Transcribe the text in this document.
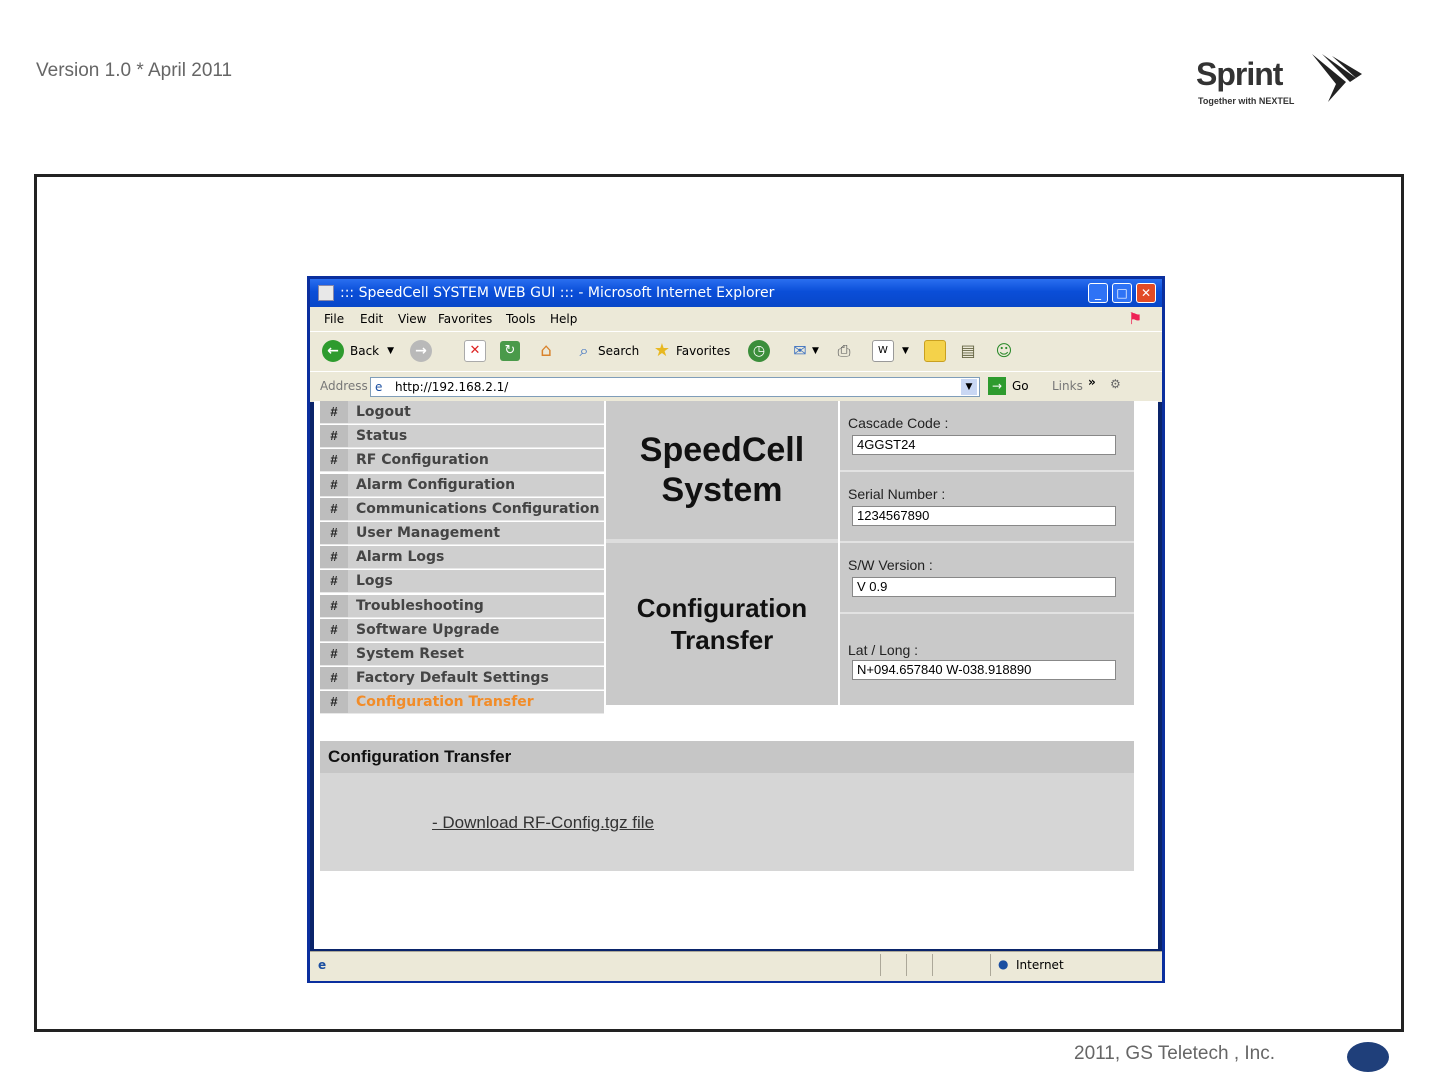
Version 1.0 * April 2011	Sprint
Together with NEXTEL
::: SpeedCell SYSTEM WEB GUI ::: - Microsoft Internet Explorer	_	□	✕
File Edit View Favorites Tools Help	⚑
← Back ▼	→	✕	↻ ⌂	⌕ Search ★ Favorites	◷	✉ ▼ ⎙	W	▼	▤ ☺
Address e http://192.168.2.1/	▼	→ Go Links » ⚙
#	Logout
#	Status
#	RF Configuration
#	Alarm Configuration
#	Communications Configuration
#	User Management
#	Alarm Logs
#	Logs
#	Troubleshooting
#	Software Upgrade
#	System Reset
#	Factory Default Settings
#	Configuration Transfer
SpeedCell
System
Configuration
Transfer
Cascade Code :
4GGST24
Serial Number :
1234567890
S/W Version :
V 0.9
Lat / Long :
N+094.657840 W-038.918890
Configuration Transfer
- Download RF-Config.tgz file
e	● Internet
2011, GS Teletech , Inc.
